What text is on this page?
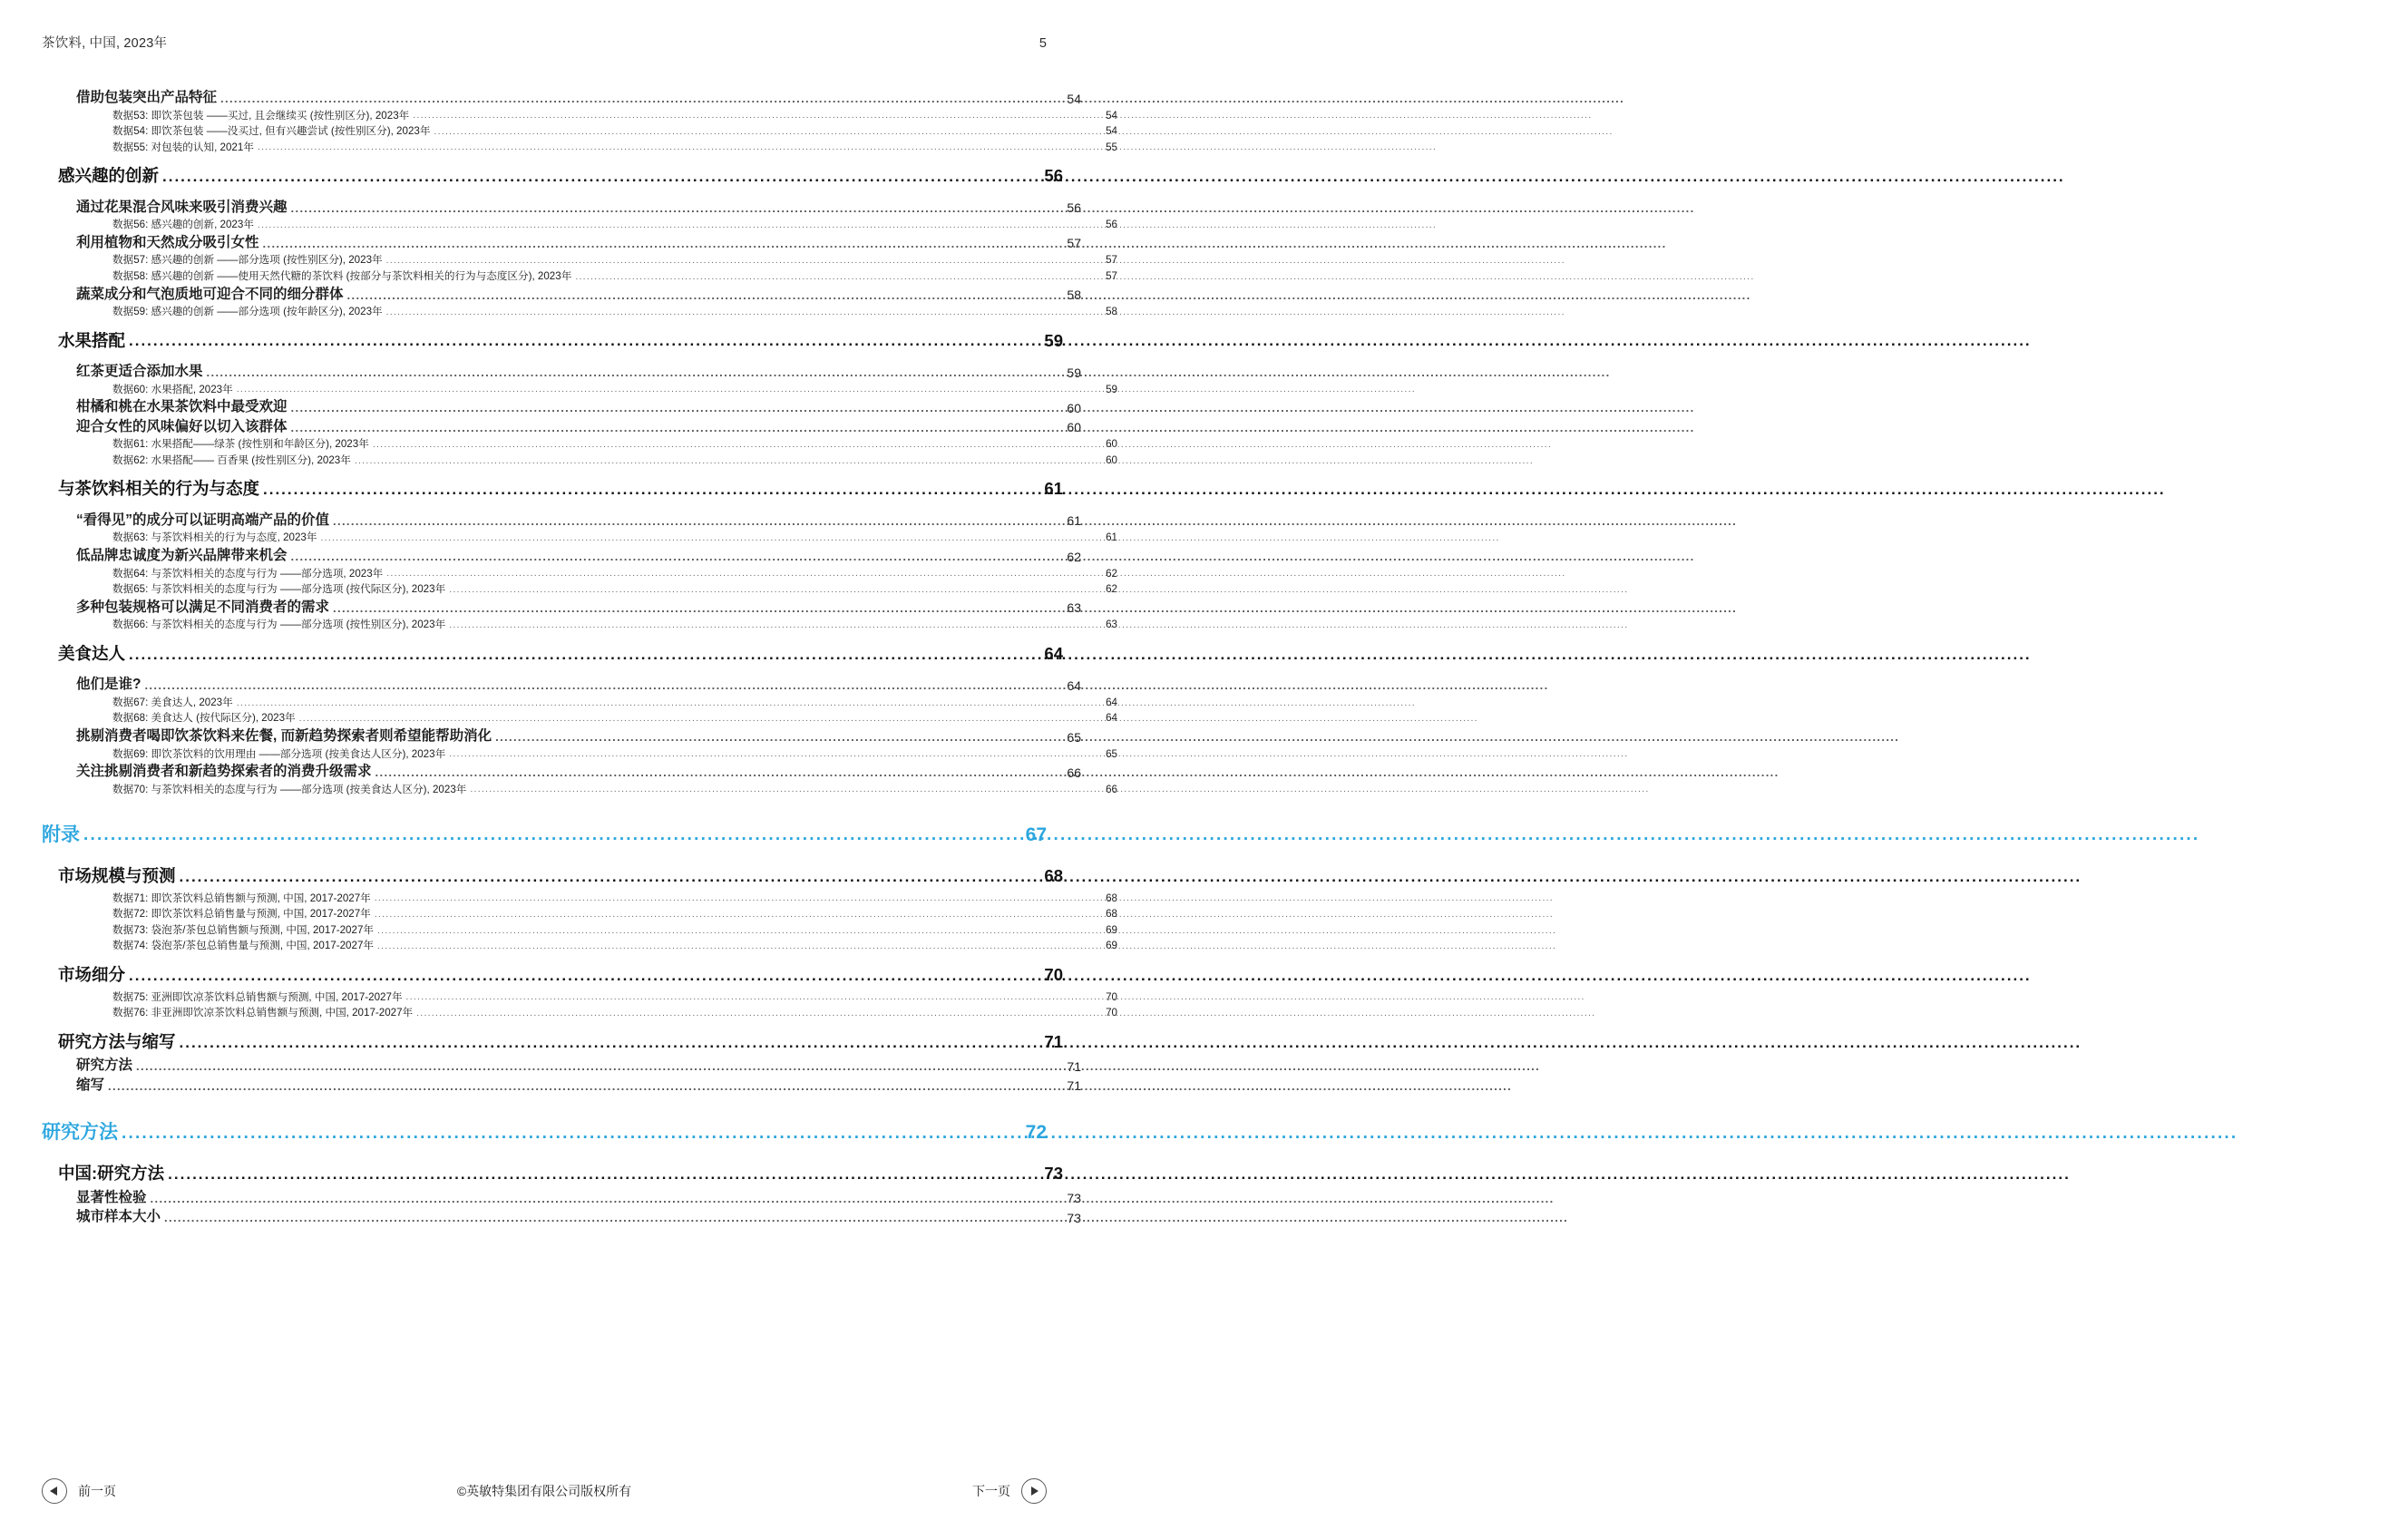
茶饮料, 中国, 2023年	5
借助包装突出产品特征 .....	54
数据53: 即饮茶包装 ——买过, 且会继续买 (按性别区分), 2023年 .....	54
数据54: 即饮茶包装 ——没买过, 但有兴趣尝试 (按性别区分), 2023年 .....	54
数据55: 对包装的认知, 2021年 .....	55
感兴趣的创新 .....	56
通过花果混合风味来吸引消费兴趣 .....	56
数据56: 感兴趣的创新, 2023年 .....	56
利用植物和天然成分吸引女性 .....	57
数据57: 感兴趣的创新 ——部分选项 (按性别区分), 2023年 .....	57
数据58: 感兴趣的创新 ——使用天然代糖的茶饮料 (按部分与茶饮料相关的行为与态度区分), 2023年 .....	57
蔬菜成分和气泡质地可迎合不同的细分群体 .....	58
数据59: 感兴趣的创新 ——部分选项 (按年龄区分), 2023年 .....	58
水果搭配 .....	59
红茶更适合添加水果 .....	59
数据60: 水果搭配, 2023年 .....	59
柑橘和桃在水果茶饮料中最受欢迎 .....	60
迎合女性的风味偏好以切入该群体 .....	60
数据61: 水果搭配——绿茶 (按性别和年龄区分), 2023年 .....	60
数据62: 水果搭配—— 百香果 (按性别区分), 2023年 .....	60
与茶饮料相关的行为与态度 .....	61
“看得见”的成分可以证明高端产品的价值 .....	61
数据63: 与茶饮料相关的行为与态度, 2023年 .....	61
低品牌忠诚度为新兴品牌带来机会 .....	62
数据64: 与茶饮料相关的态度与行为 ——部分选项, 2023年 .....	62
数据65: 与茶饮料相关的态度与行为 ——部分选项 (按代际区分), 2023年 .....	62
多种包装规格可以满足不同消费者的需求 .....	63
数据66: 与茶饮料相关的态度与行为 ——部分选项 (按性别区分), 2023年 .....	63
美食达人 .....	64
他们是谁? .....	64
数据67: 美食达人, 2023年 .....	64
数据68: 美食达人 (按代际区分), 2023年 .....	64
挑剔消费者喝即饮茶饮料来佐餐, 而新趋势探索者则希望能帮助消化 .....	65
数据69: 即饮茶饮料的饮用理由 ——部分选项 (按美食达人区分), 2023年 .....	65
关注挑剔消费者和新趋势探索者的消费升级需求 .....	66
数据70: 与茶饮料相关的态度与行为 ——部分选项 (按美食达人区分), 2023年 .....	66
附录 .....	67
市场规模与预测 .....	68
数据71: 即饮茶饮料总销售额与预测, 中国, 2017-2027年 .....	68
数据72: 即饮茶饮料总销售量与预测, 中国, 2017-2027年 .....	68
数据73: 袋泡茶/茶包总销售额与预测, 中国, 2017-2027年 .....	69
数据74: 袋泡茶/茶包总销售量与预测, 中国, 2017-2027年 .....	69
市场细分 .....	70
数据75: 亚洲即饮凉茶饮料总销售额与预测, 中国, 2017-2027年 .....	70
数据76: 非亚洲即饮凉茶饮料总销售额与预测, 中国, 2017-2027年 .....	70
研究方法与缩写 .....	71
研究方法 .....	71
缩写 .....	71
研究方法 .....	72
中国:研究方法 .....	73
显著性检验 .....	73
城市样本大小 .....	73
前一页	©英敏特集团有限公司版权所有	下一页
